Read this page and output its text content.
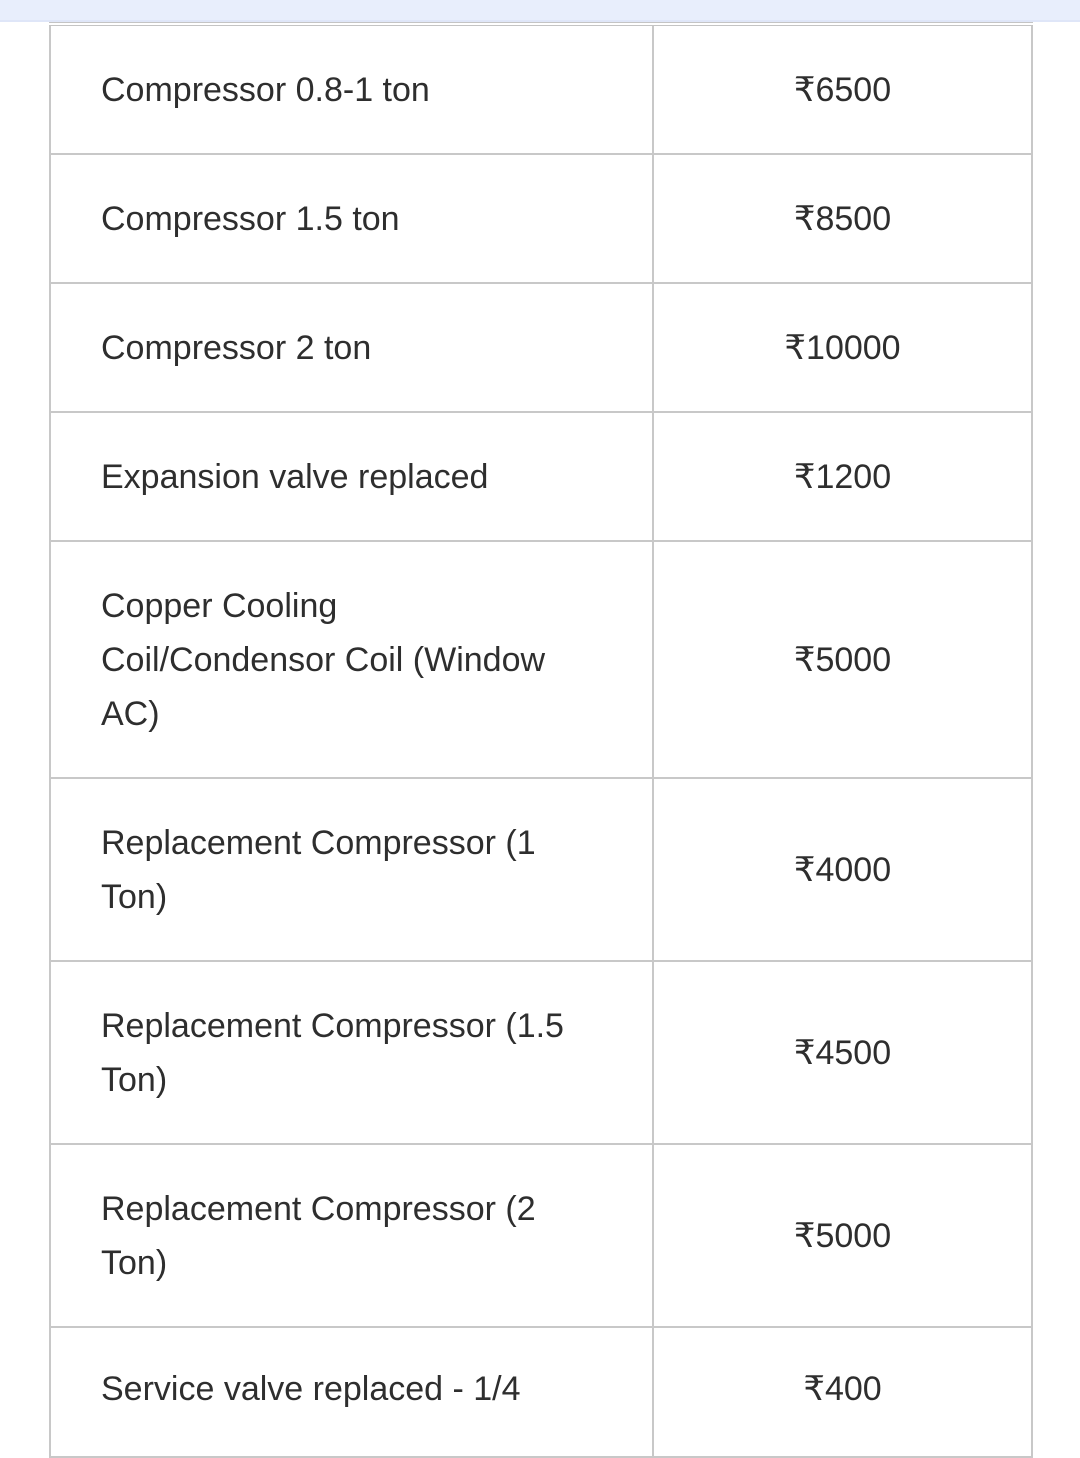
Compressor 0.8-1 ton	₹6500
Compressor 1.5 ton	₹8500
Compressor 2 ton	₹10000
Expansion valve replaced	₹1200
Copper Cooling Coil/Condensor Coil (Window AC)	₹5000
Replacement Compressor (1 Ton)	₹4000
Replacement Compressor (1.5 Ton)	₹4500
Replacement Compressor (2 Ton)	₹5000
Service valve replaced - 1/4	₹400
